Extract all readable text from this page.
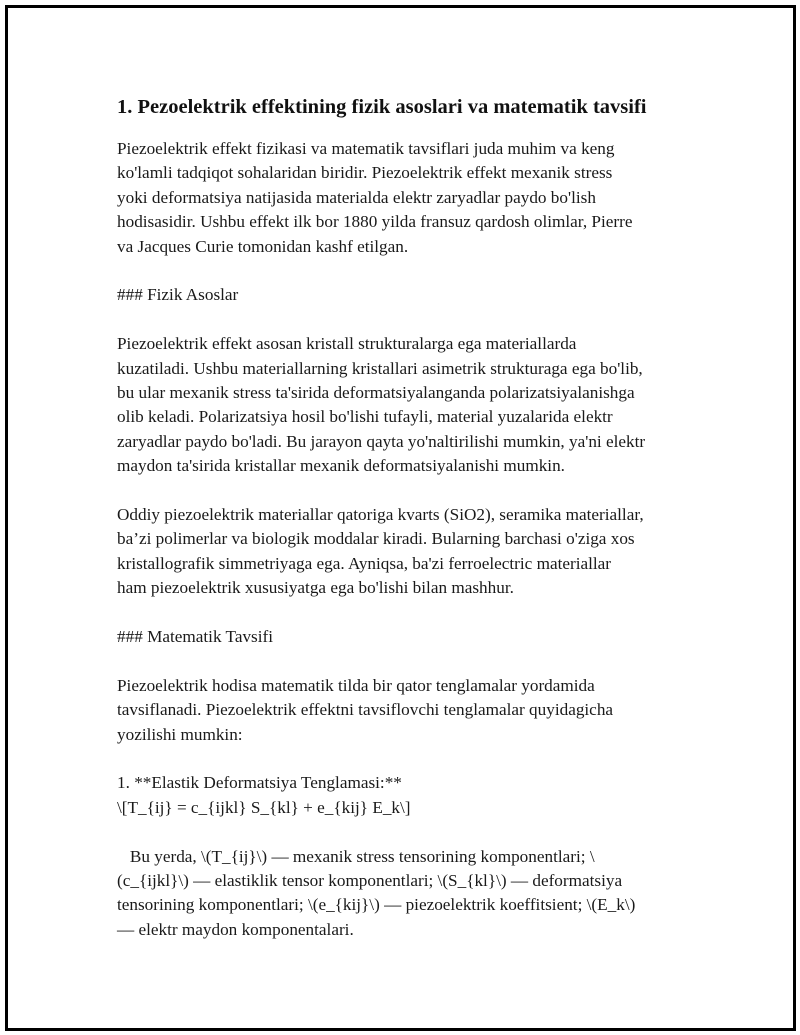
1. Pezoelektrik effektining fizik asoslari va matematik tavsifi

Piezoelektrik effekt fizikasi va matematik tavsiflari juda muhim va keng
ko'lamli tadqiqot sohalaridan biridir. Piezoelektrik effekt mexanik stress
yoki deformatsiya natijasida materialda elektr zaryadlar paydo bo'lish
hodisasidir. Ushbu effekt ilk bor 1880 yilda fransuz qardosh olimlar, Pierre
va Jacques Curie tomonidan kashf etilgan.

### Fizik Asoslar

Piezoelektrik effekt asosan kristall strukturalarga ega materiallarda
kuzatiladi. Ushbu materiallarning kristallari asimetrik strukturaga ega bo'lib,
bu ular mexanik stress ta'sirida deformatsiyalanganda polarizatsiyalanishga
olib keladi. Polarizatsiya hosil bo'lishi tufayli, material yuzalarida elektr
zaryadlar paydo bo'ladi. Bu jarayon qayta yo'naltirilishi mumkin, ya'ni elektr
maydon ta'sirida kristallar mexanik deformatsiyalanishi mumkin.

Oddiy piezoelektrik materiallar qatoriga kvarts (SiO2), seramika materiallar,
ba’zi polimerlar va biologik moddalar kiradi. Bularning barchasi o'ziga xos
kristallografik simmetriyaga ega. Ayniqsa, ba'zi ferroelectric materiallar
ham piezoelektrik xususiyatga ega bo'lishi bilan mashhur.

### Matematik Tavsifi

Piezoelektrik hodisa matematik tilda bir qator tenglamalar yordamida
tavsiflanadi. Piezoelektrik effektni tavsiflovchi tenglamalar quyidagicha
yozilishi mumkin:

1. **Elastik Deformatsiya Tenglamasi:**
\[T_{ij} = c_{ijkl} S_{kl} + e_{kij} E_k\]

Bu yerda, \(T_{ij}\) — mexanik stress tensorining komponentlari; \
(c_{ijkl}\) — elastiklik tensor komponentlari; \(S_{kl}\) — deformatsiya
tensorining komponentlari; \(e_{kij}\) — piezoelektrik koeffitsient; \(E_k\)
— elektr maydon komponentalari.
